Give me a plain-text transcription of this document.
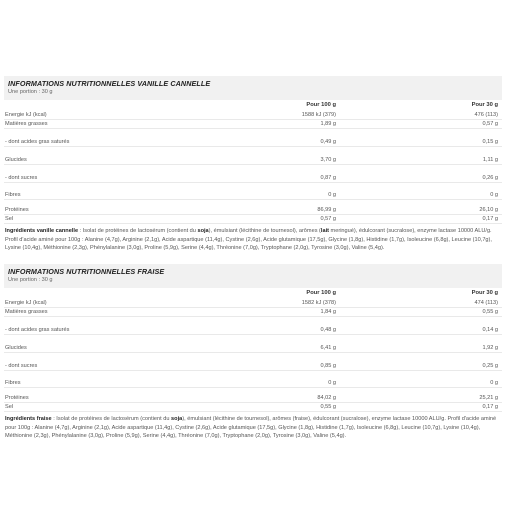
INFORMATIONS NUTRITIONNELLES VANILLE CANNELLE
Une portion : 30 g
Pour 100 g	Pour 30 g
Energie kJ (kcal)	1588 kJ (379)	476 (113)
Matières grasses	1,89 g	0,57 g
- dont acides gras saturés	0,49 g	0,15 g
Glucides	3,70 g	1,11 g
- dont sucres	0,87 g	0,26 g
Fibres	0 g	0 g
Protéines	86,99 g	26,10 g
Sel	0,57 g	0,17 g
Ingrédients vanille cannelle : Isolat de protéines de lactosérum (contient du soja), émulsiant (lécithine de tournesol), arômes (lait meringué), édulcorant (sucralose), enzyme lactase 10000 ALU/g. Profil d'acide aminé pour 100g : Alanine (4,7g), Arginine (2,1g), Acide aspartique (11,4g), Cystine (2,6g), Acide glutamique (17,5g), Glycine (1,8g), Histidine (1,7g), Isoleucine (6,8g), Leucine (10,7g), Lysine (10,4g), Méthionine (2,3g), Phénylalanine (3,0g), Proline (5,9g), Serine (4,4g), Thréonine (7,0g), Tryptophane (2,0g), Tyrosine (3,0g), Valine (5,4g).
INFORMATIONS NUTRITIONNELLES FRAISE
Une portion : 30 g
Pour 100 g	Pour 30 g
Energie kJ (kcal)	1582 kJ (378)	474 (113)
Matières grasses	1,84 g	0,55 g
- dont acides gras saturés	0,48 g	0,14 g
Glucides	6,41 g	1,92 g
- dont sucres	0,85 g	0,25 g
Fibres	0 g	0 g
Protéines	84,02 g	25,21 g
Sel	0,55 g	0,17 g
Ingrédients fraise : Isolat de protéines de lactosérum (contient du soja), émulsiant (lécithine de tournesol), arômes (fraise), édulcorant (sucralose), enzyme lactase 10000 ALU/g. Profil d'acide aminé pour 100g : Alanine (4,7g), Arginine (2,1g), Acide aspartique (11,4g), Cystine (2,6g), Acide glutamique (17,5g), Glycine (1,8g), Histidine (1,7g), Isoleucine (6,8g), Leucine (10,7g), Lysine (10,4g), Méthionine (2,3g), Phénylalanine (3,0g), Proline (5,9g), Serine (4,4g), Thréonine (7,0g), Tryptophane (2,0g), Tyrosine (3,0g), Valine (5,4g).
